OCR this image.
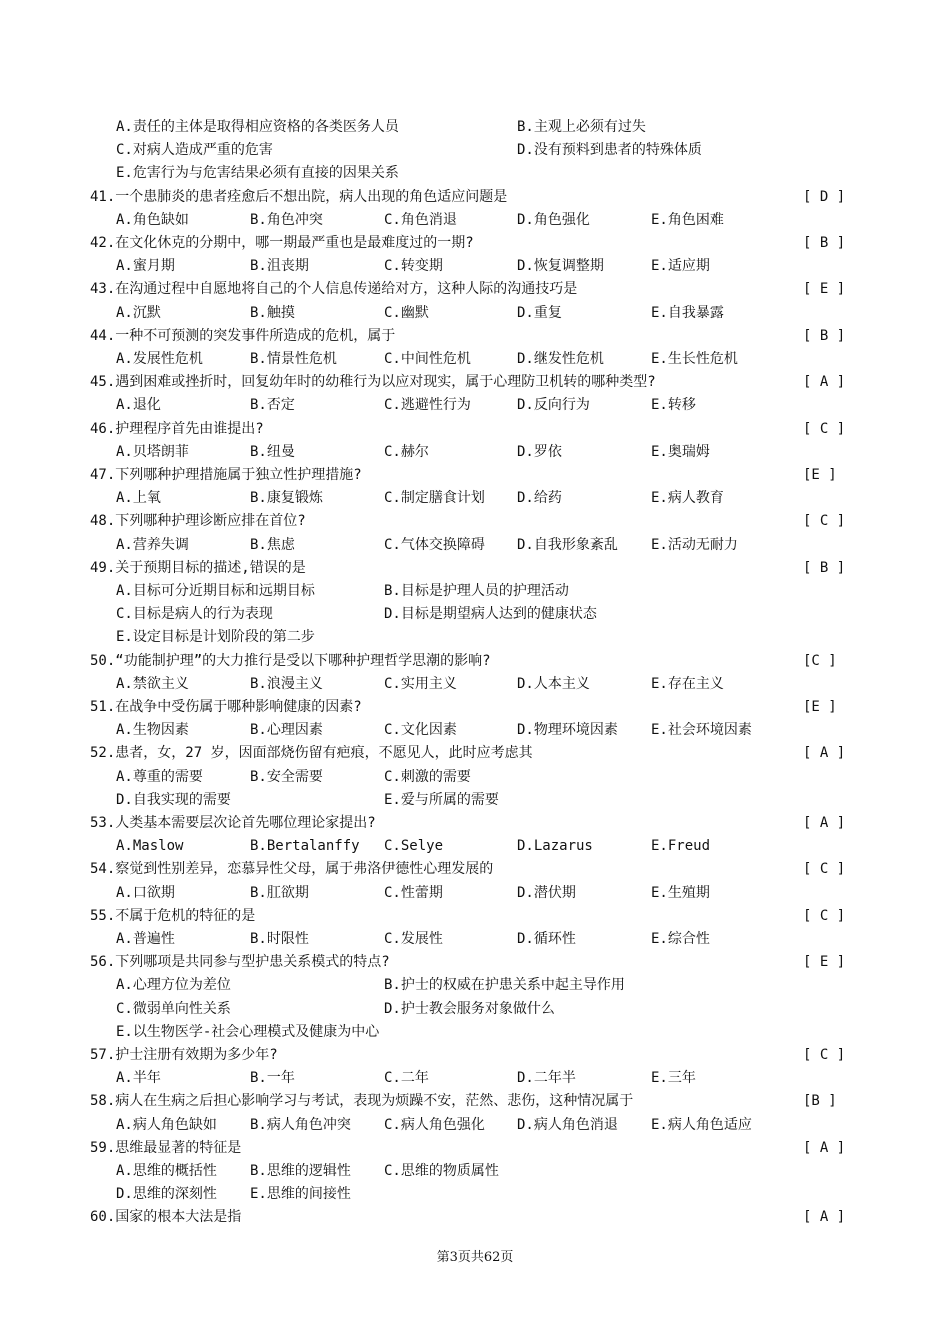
A.责任的主体是取得相应资格的各类医务人员	B.主观上必须有过失
C.对病人造成严重的危害	D.没有预料到患者的特殊体质
E.危害行为与危害结果必须有直接的因果关系
41.一个患肺炎的患者痊愈后不想出院，病人出现的角色适应问题是	[ D ]
A.角色缺如	B.角色冲突	C.角色消退	D.角色强化	E.角色困难
42.在文化休克的分期中，哪一期最严重也是最难度过的一期?	[ B ]
A.蜜月期	B.沮丧期	C.转变期	D.恢复调整期	E.适应期
43.在沟通过程中自愿地将自己的个人信息传递给对方，这种人际的沟通技巧是	[ E ]
A.沉默	B.触摸	C.幽默	D.重复	E.自我暴露
44.一种不可预测的突发事件所造成的危机，属于	[ B ]
A.发展性危机	B.情景性危机	C.中间性危机	D.继发性危机	E.生长性危机
45.遇到困难或挫折时，回复幼年时的幼稚行为以应对现实，属于心理防卫机转的哪种类型?	[ A ]
A.退化	B.否定	C.逃避性行为	D.反向行为	E.转移
46.护理程序首先由谁提出?	[ C ]
A.贝塔朗菲	B.纽曼	C.赫尔	D.罗依	E.奥瑞姆
47.下列哪种护理措施属于独立性护理措施?	[E ]
A.上氧	B.康复锻炼	C.制定膳食计划 D.给药	E.病人教育
48.下列哪种护理诊断应排在首位?	[ C ]
A.营养失调	B.焦虑	C.气体交换障碍 D.自我形象紊乱 E.活动无耐力
49.关于预期目标的描述,错误的是	[ B ]
A.目标可分近期目标和远期目标	B.目标是护理人员的护理活动
C.目标是病人的行为表现	D.目标是期望病人达到的健康状态
E.设定目标是计划阶段的第二步
50.“功能制护理”的大力推行是受以下哪种护理哲学思潮的影响?	[C ]
A.禁欲主义	B.浪漫主义	C.实用主义	D.人本主义	E.存在主义
51.在战争中受伤属于哪种影响健康的因素?	[E ]
A.生物因素	B.心理因素	C.文化因素	D.物理环境因素 E.社会环境因素
52.患者，女，27 岁，因面部烧伤留有疤痕，不愿见人，此时应考虑其	[ A ]
A.尊重的需要	B.安全需要	C.刺激的需要
D.自我实现的需要	E.爱与所属的需要
53.人类基本需要层次论首先哪位理论家提出?	[ A ]
A.Maslow	B.Bertalanffy C.Selye	D.Lazarus	E.Freud
54.察觉到性别差异，恋慕异性父母，属于弗洛伊德性心理发展的	[ C ]
A.口欲期	B.肛欲期	C.性蕾期	D.潜伏期	E.生殖期
55.不属于危机的特征的是	[ C ]
A.普遍性	B.时限性	C.发展性	D.循环性	E.综合性
56.下列哪项是共同参与型护患关系模式的特点?	[ E ]
A.心理方位为差位	B.护士的权威在护患关系中起主导作用
C.微弱单向性关系	D.护士教会服务对象做什么
E.以生物医学-社会心理模式及健康为中心
57.护士注册有效期为多少年?	[ C ]
A.半年	B.一年	C.二年	D.二年半	E.三年
58.病人在生病之后担心影响学习与考试，表现为烦躁不安，茫然、悲伤，这种情况属于	[B ]
A.病人角色缺如 B.病人角色冲突 C.病人角色强化 D.病人角色消退 E.病人角色适应
59.思维最显著的特征是	[ A ]
A.思维的概括性 B.思维的逻辑性 C.思维的物质属性
D.思维的深刻性 E.思维的间接性
60.国家的根本大法是指	[ A ]
第3页共62页
